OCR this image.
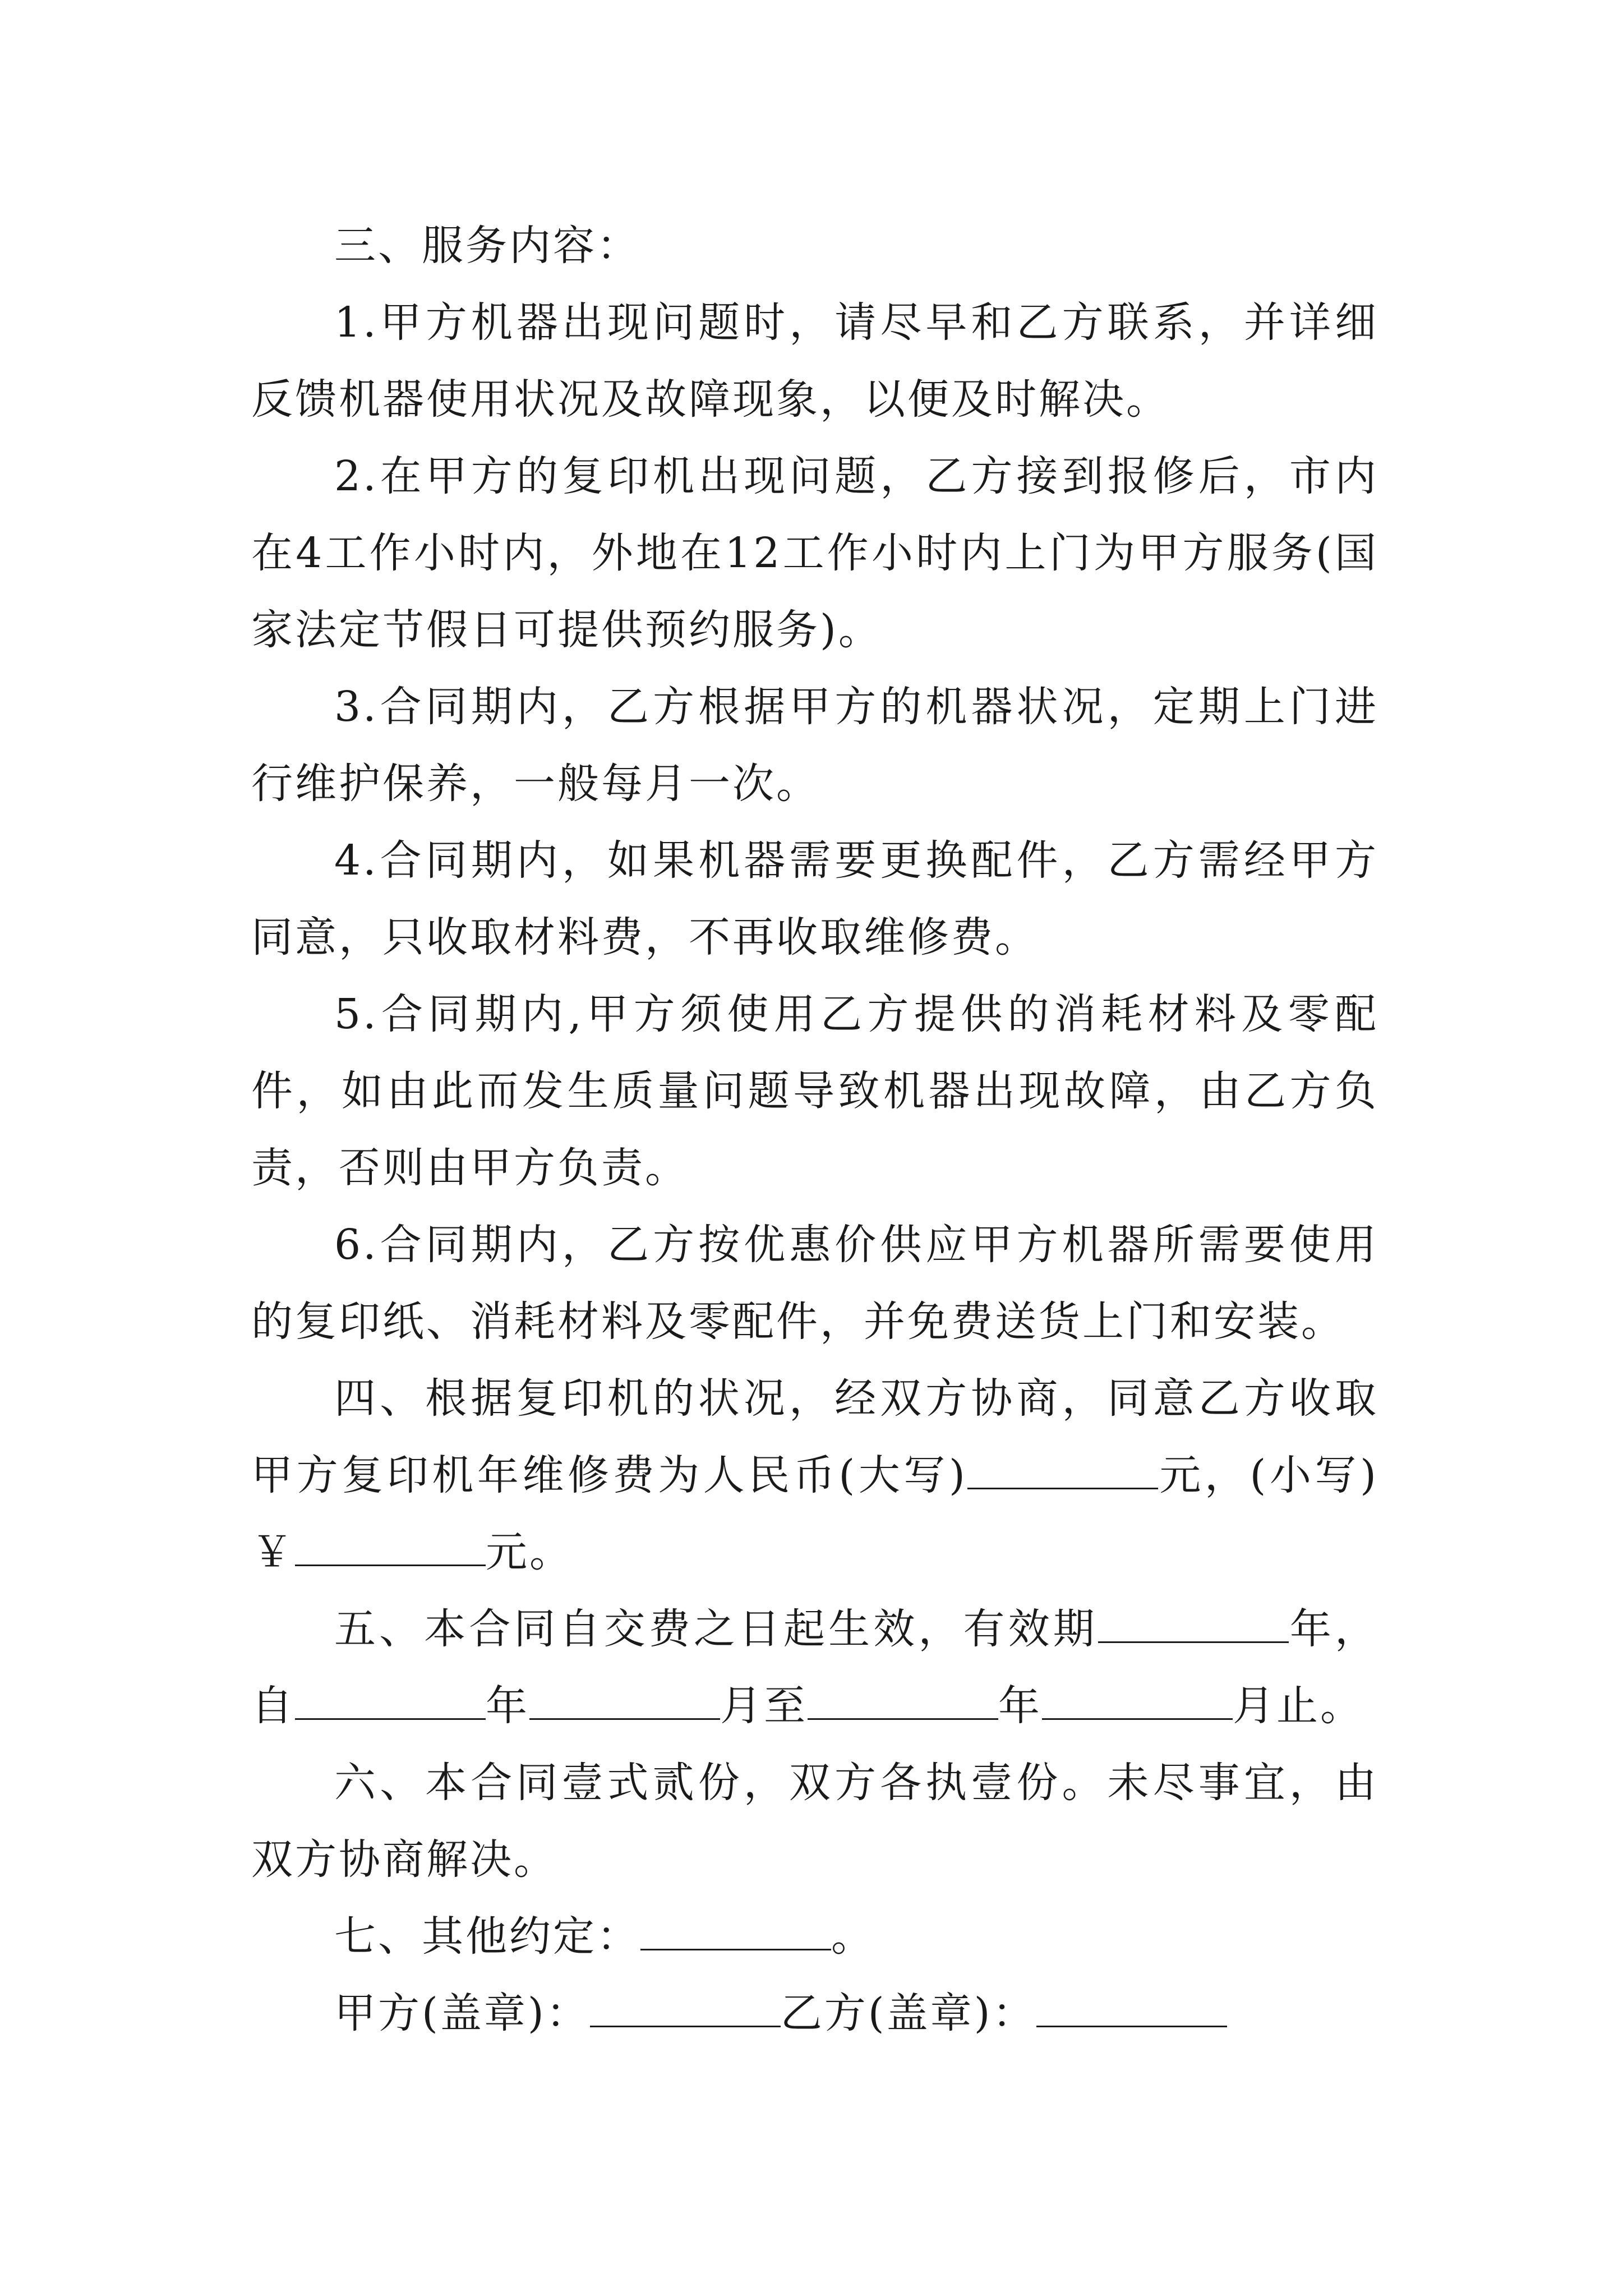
三、服务内容：

1.甲方机器出现问题时，请尽早和乙方联系，并详细反馈机器使用状况及故障现象，以便及时解决。

2.在甲方的复印机出现问题，乙方接到报修后，市内在4工作小时内，外地在12工作小时内上门为甲方服务(国家法定节假日可提供预约服务)。

3.合同期内，乙方根据甲方的机器状况，定期上门进行维护保养，一般每月一次。

4.合同期内，如果机器需要更换配件，乙方需经甲方同意，只收取材料费，不再收取维修费。

5.合同期内,甲方须使用乙方提供的消耗材料及零配件，如由此而发生质量问题导致机器出现故障，由乙方负责，否则由甲方负责。

6.合同期内，乙方按优惠价供应甲方机器所需要使用的复印纸、消耗材料及零配件，并免费送货上门和安装。

四、根据复印机的状况，经双方协商，同意乙方收取甲方复印机年维修费为人民币(大写)	元，(小写)￥	元。

五、本合同自交费之日起生效，有效期	年，自	年	月至	年	月止。

六、本合同壹式贰份，双方各执壹份。未尽事宜，由双方协商解决。

七、其他约定：	。

甲方(盖章)：	乙方(盖章)：
